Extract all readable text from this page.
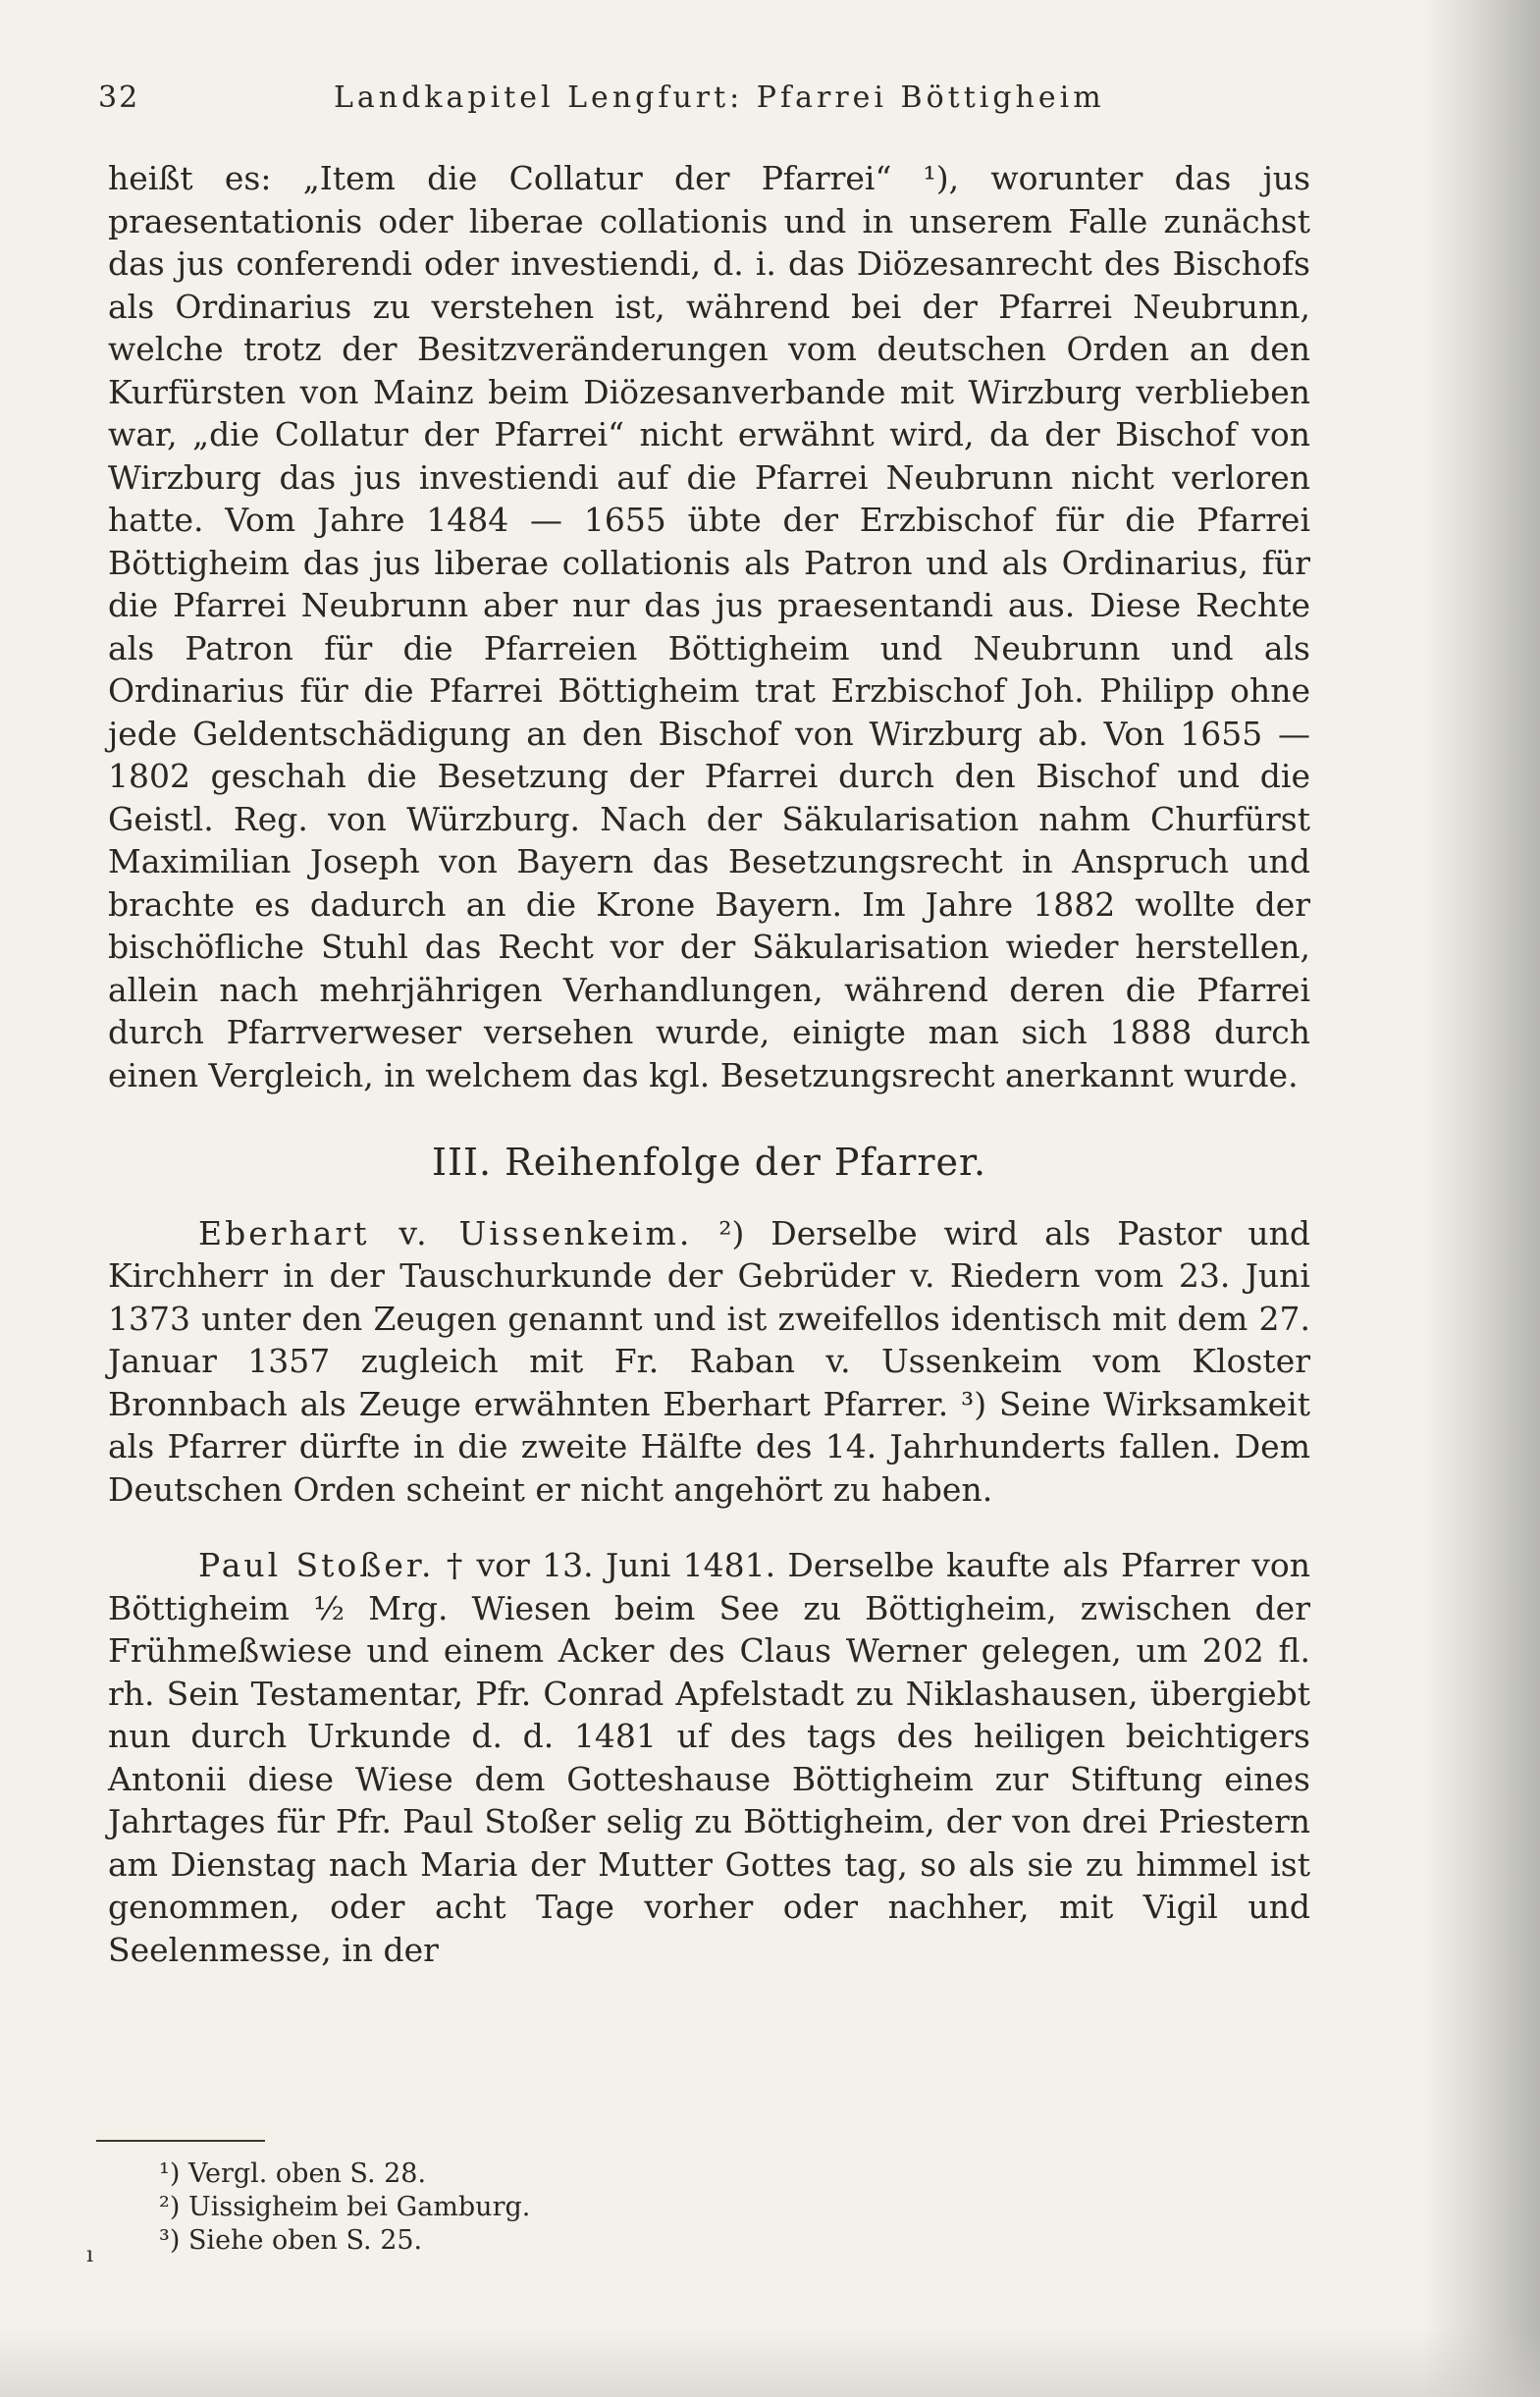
32	Landkapitel Lengfurt: Pfarrei Böttigheim

heißt es: „Item die Collatur der Pfarrei“ ¹), worunter das jus praesentationis oder liberae collationis und in unserem Falle zunächst das jus conferendi oder investiendi, d. i. das Diözesanrecht des Bischofs als Ordinarius zu verstehen ist, während bei der Pfarrei Neubrunn, welche trotz der Besitzveränderungen vom deutschen Orden an den Kurfürsten von Mainz beim Diözesanverbande mit Wirzburg verblieben war, „die Collatur der Pfarrei“ nicht erwähnt wird, da der Bischof von Wirzburg das jus investiendi auf die Pfarrei Neubrunn nicht verloren hatte. Vom Jahre 1484 — 1655 übte der Erzbischof für die Pfarrei Böttigheim das jus liberae collationis als Patron und als Ordinarius, für die Pfarrei Neubrunn aber nur das jus praesentandi aus. Diese Rechte als Patron für die Pfarreien Böttigheim und Neubrunn und als Ordinarius für die Pfarrei Böttigheim trat Erzbischof Joh. Philipp ohne jede Geldentschädigung an den Bischof von Wirzburg ab. Von 1655 — 1802 geschah die Besetzung der Pfarrei durch den Bischof und die Geistl. Reg. von Würzburg. Nach der Säkularisation nahm Churfürst Maximilian Joseph von Bayern das Besetzungsrecht in Anspruch und brachte es dadurch an die Krone Bayern. Im Jahre 1882 wollte der bischöfliche Stuhl das Recht vor der Säkularisation wieder herstellen, allein nach mehrjährigen Verhandlungen, während deren die Pfarrei durch Pfarrverweser versehen wurde, einigte man sich 1888 durch einen Vergleich, in welchem das kgl. Besetzungsrecht anerkannt wurde.

III. Reihenfolge der Pfarrer.

Eberhart v. Uissenkeim. ²) Derselbe wird als Pastor und Kirchherr in der Tauschurkunde der Gebrüder v. Riedern vom 23. Juni 1373 unter den Zeugen genannt und ist zweifellos identisch mit dem 27. Januar 1357 zugleich mit Fr. Raban v. Ussenkeim vom Kloster Bronnbach als Zeuge erwähnten Eberhart Pfarrer. ³) Seine Wirksamkeit als Pfarrer dürfte in die zweite Hälfte des 14. Jahrhunderts fallen. Dem Deutschen Orden scheint er nicht angehört zu haben.

Paul Stoßer. † vor 13. Juni 1481. Derselbe kaufte als Pfarrer von Böttigheim ½ Mrg. Wiesen beim See zu Böttigheim, zwischen der Frühmeßwiese und einem Acker des Claus Werner gelegen, um 202 fl. rh. Sein Testamentar, Pfr. Conrad Apfelstadt zu Niklashausen, übergiebt nun durch Urkunde d. d. 1481 uf des tags des heiligen beichtigers Antonii diese Wiese dem Gotteshause Böttigheim zur Stiftung eines Jahrtages für Pfr. Paul Stoßer selig zu Böttigheim, der von drei Priestern am Dienstag nach Maria der Mutter Gottes tag, so als sie zu himmel ist genommen, oder acht Tage vorher oder nachher, mit Vigil und Seelenmesse, in der

¹) Vergl. oben S. 28.
²) Uissigheim bei Gamburg.
³) Siehe oben S. 25.
ı
